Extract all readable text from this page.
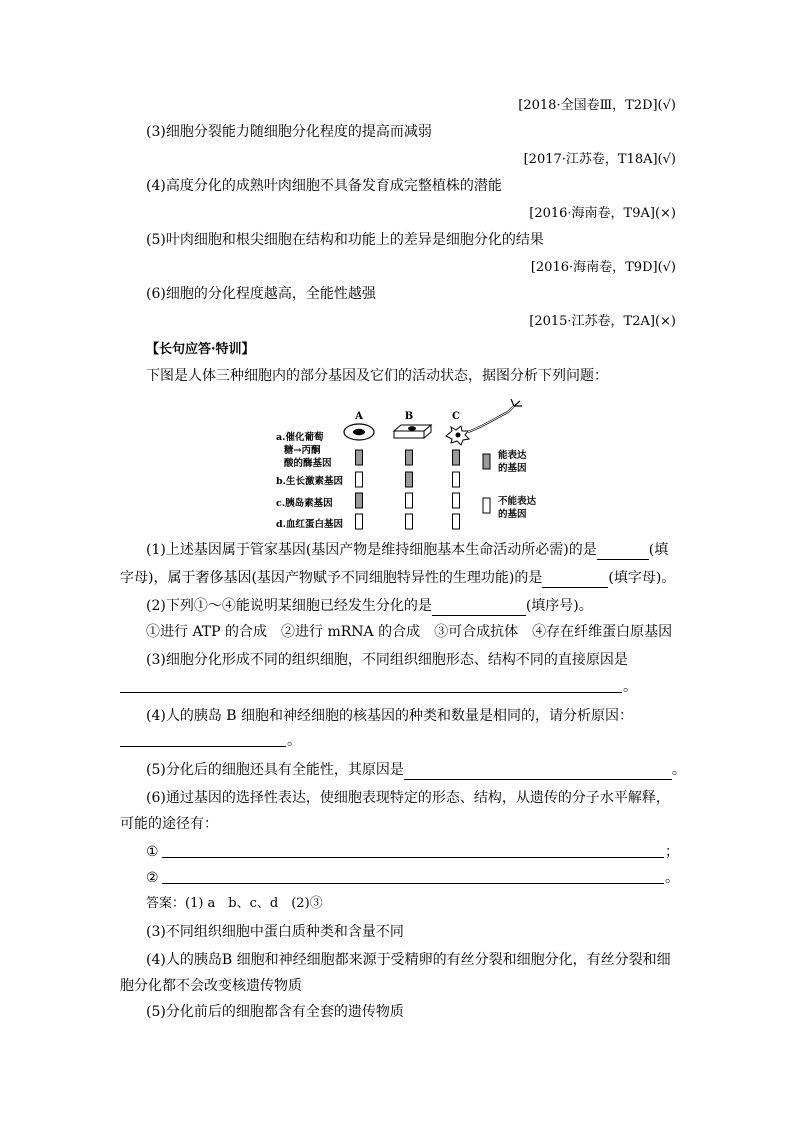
[2018·全国卷Ⅲ，T2D](√)
(3)细胞分裂能力随细胞分化程度的提高而减弱
[2017·江苏卷，T18A](√)
(4)高度分化的成熟叶肉细胞不具备发育成完整植株的潜能
[2016·海南卷，T9A](×)
(5)叶肉细胞和根尖细胞在结构和功能上的差异是细胞分化的结果
[2016·海南卷，T9D](√)
(6)细胞的分化程度越高，全能性越强
[2015·江苏卷，T2A](×)
【长句应答·特训】
下图是人体三种细胞内的部分基因及它们的活动状态，据图分析下列问题：
A	B	C
a.催化葡萄
糖→丙酮
酸的酶基因
b.生长激素基因
c.胰岛素基因
d.血红蛋白基因
能表达
的基因
不能表达
的基因
(1)上述基因属于管家基因(基因产物是维持细胞基本生命活动所必需)的是	(填
字母)，属于奢侈基因(基因产物赋予不同细胞特异性的生理功能)的是	(填字母)。
(2)下列①～④能说明某细胞已经发生分化的是	(填序号)。
①进行 ATP 的合成　②进行 mRNA 的合成　③可合成抗体　④存在纤维蛋白原基因
(3)细胞分化形成不同的组织细胞，不同组织细胞形态、结构不同的直接原因是
。
(4)人的胰岛 B 细胞和神经细胞的核基因的种类和数量是相同的，请分析原因：
。
(5)分化后的细胞还具有全能性，其原因是	。
(6)通过基因的选择性表达，使细胞表现特定的形态、结构，从遗传的分子水平解释，
可能的途径有：
①	；
②	。
答案：(1) a　b、c、d　(2)③
(3)不同组织细胞中蛋白质种类和含量不同
(4)人的胰岛B 细胞和神经细胞都来源于受精卵的有丝分裂和细胞分化，有丝分裂和细
胞分化都不会改变核遗传物质
(5)分化前后的细胞都含有全套的遗传物质
